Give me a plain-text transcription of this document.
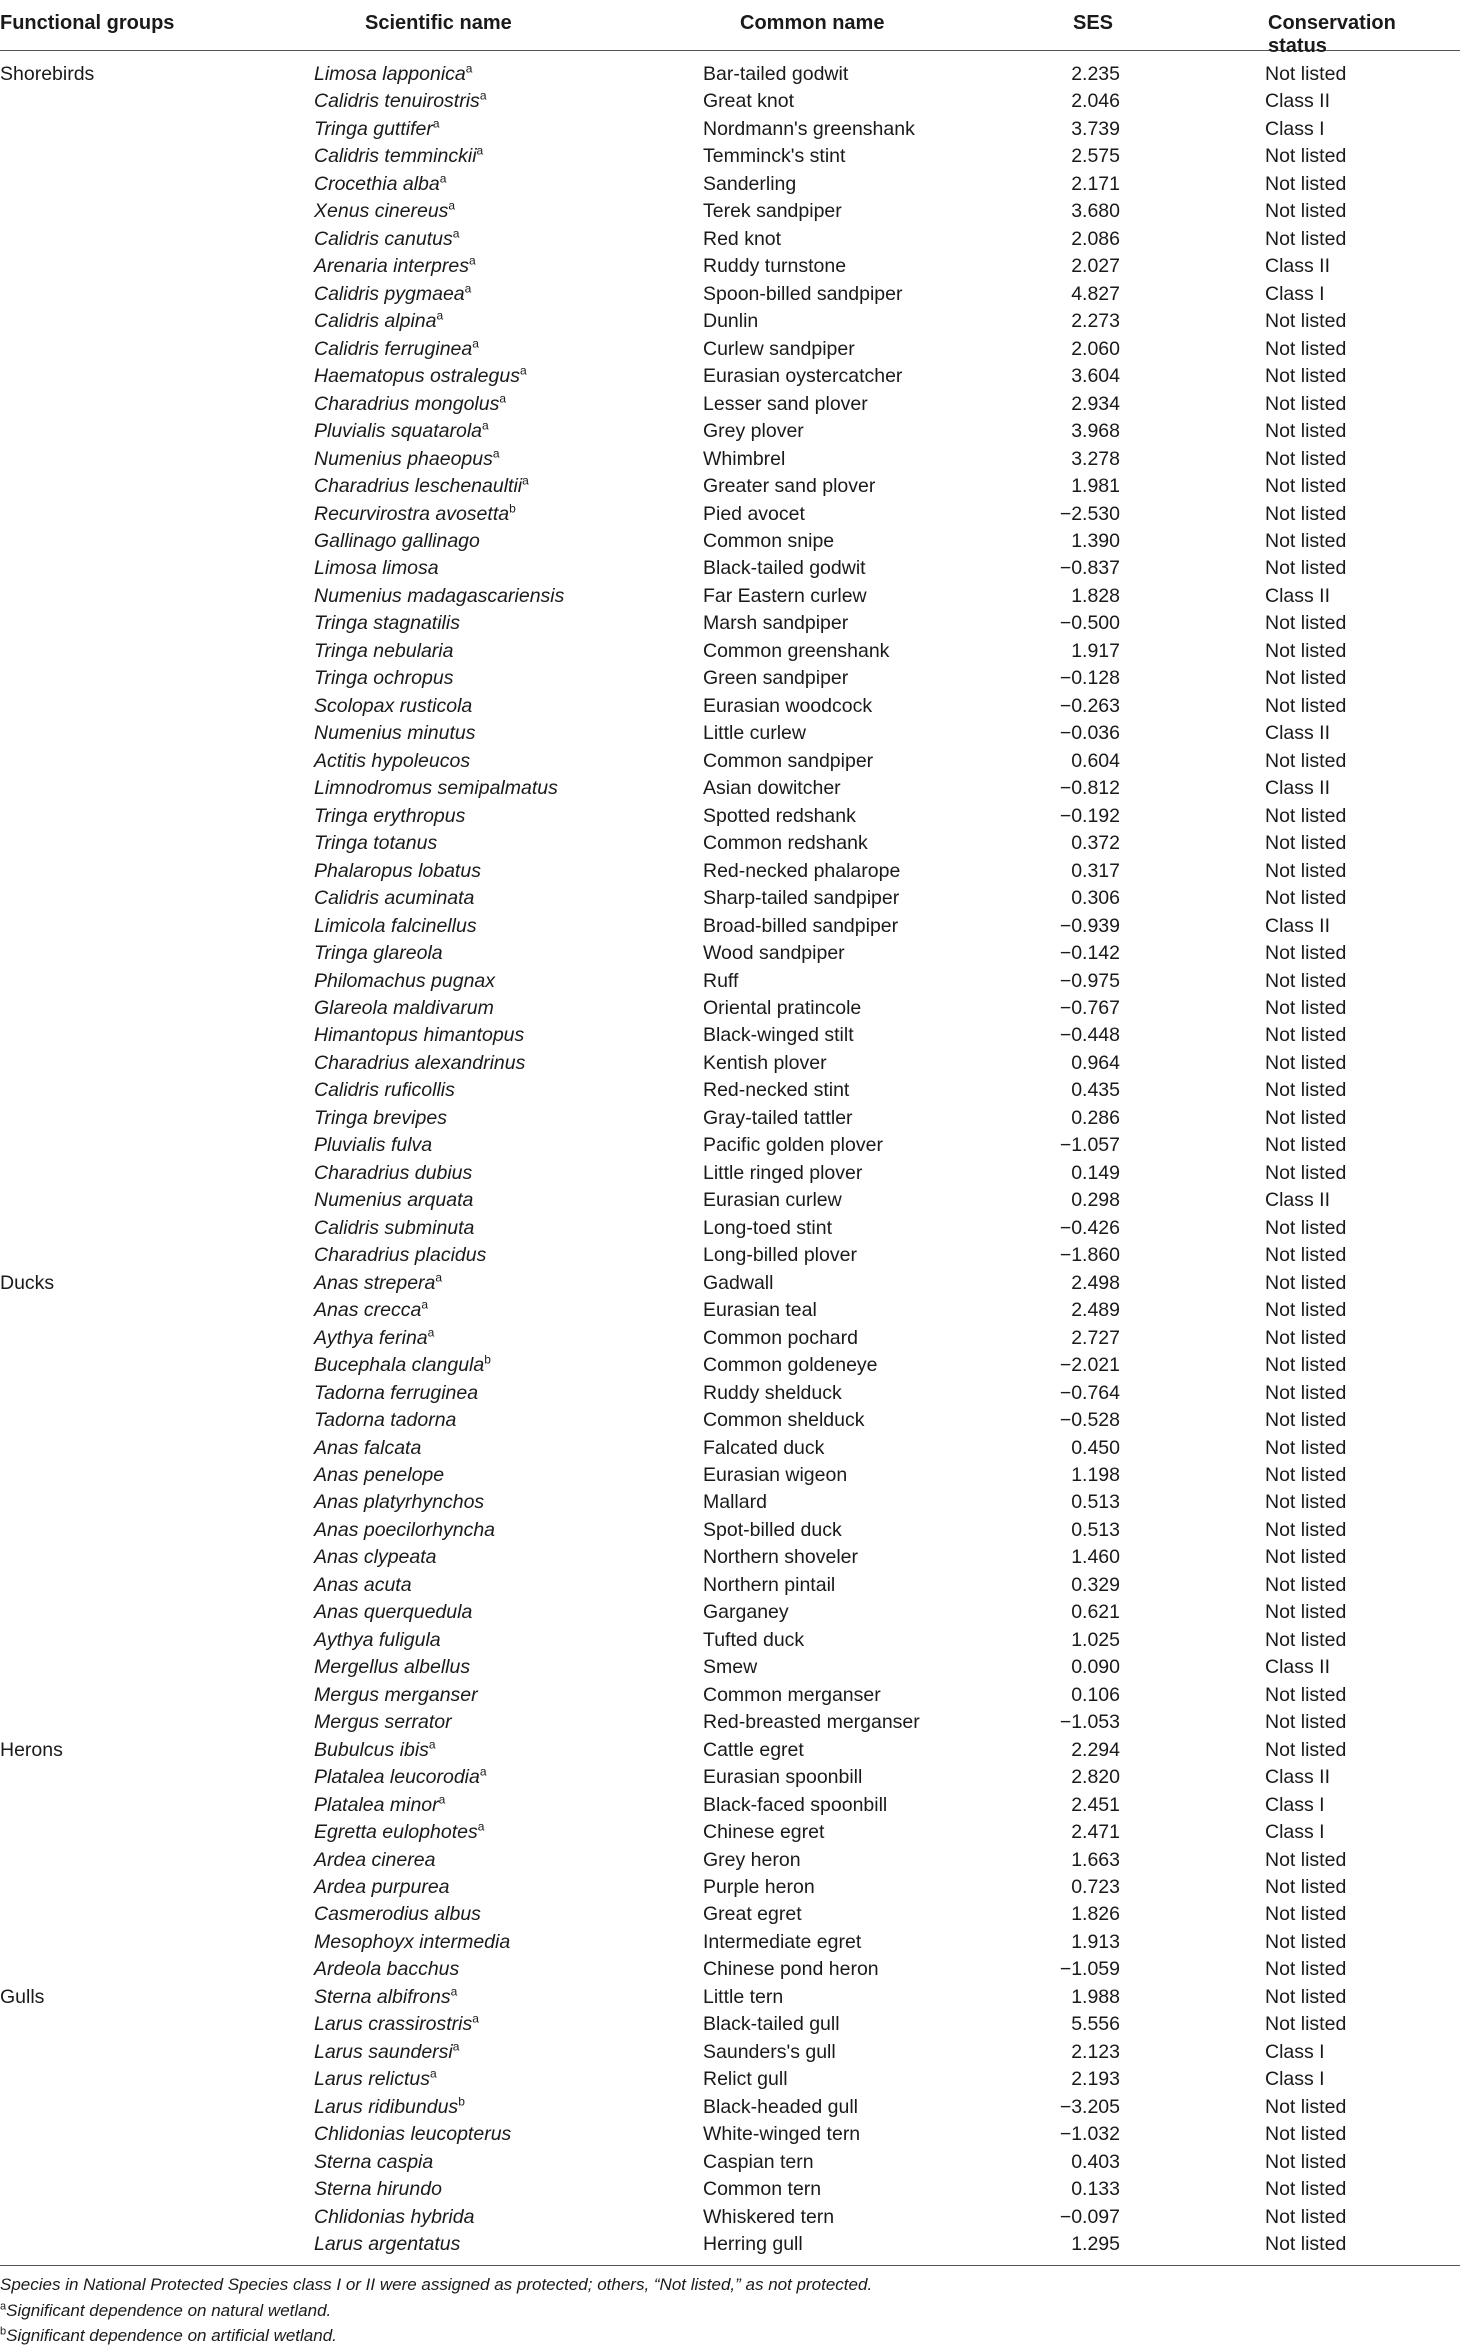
Functional groups	Scientific name	Common name	SES	Conservation status
Shorebirds	Limosa lapponica$^a$	Bar-tailed godwit	2.235	Not listed
Calidris tenuirostris$^a$	Great knot	2.046	Class II
Tringa guttifer$^a$	Nordmann's greenshank	3.739	Class I
Calidris temminckii$^a$	Temminck's stint	2.575	Not listed
Crocethia alba$^a$	Sanderling	2.171	Not listed
Xenus cinereus$^a$	Terek sandpiper	3.680	Not listed
Calidris canutus$^a$	Red knot	2.086	Not listed
Arenaria interpres$^a$	Ruddy turnstone	2.027	Class II
Calidris pygmaea$^a$	Spoon-billed sandpiper	4.827	Class I
Calidris alpina$^a$	Dunlin	2.273	Not listed
Calidris ferruginea$^a$	Curlew sandpiper	2.060	Not listed
Haematopus ostralegus$^a$	Eurasian oystercatcher	3.604	Not listed
Charadrius mongolus$^a$	Lesser sand plover	2.934	Not listed
Pluvialis squatarola$^a$	Grey plover	3.968	Not listed
Numenius phaeopus$^a$	Whimbrel	3.278	Not listed
Charadrius leschenaultii$^a$	Greater sand plover	1.981	Not listed
Recurvirostra avosetta$^b$	Pied avocet	−2.530	Not listed
Gallinago gallinago	Common snipe	1.390	Not listed
Limosa limosa	Black-tailed godwit	−0.837	Not listed
Numenius madagascariensis	Far Eastern curlew	1.828	Class II
Tringa stagnatilis	Marsh sandpiper	−0.500	Not listed
Tringa nebularia	Common greenshank	1.917	Not listed
Tringa ochropus	Green sandpiper	−0.128	Not listed
Scolopax rusticola	Eurasian woodcock	−0.263	Not listed
Numenius minutus	Little curlew	−0.036	Class II
Actitis hypoleucos	Common sandpiper	0.604	Not listed
Limnodromus semipalmatus	Asian dowitcher	−0.812	Class II
Tringa erythropus	Spotted redshank	−0.192	Not listed
Tringa totanus	Common redshank	0.372	Not listed
Phalaropus lobatus	Red-necked phalarope	0.317	Not listed
Calidris acuminata	Sharp-tailed sandpiper	0.306	Not listed
Limicola falcinellus	Broad-billed sandpiper	−0.939	Class II
Tringa glareola	Wood sandpiper	−0.142	Not listed
Philomachus pugnax	Ruff	−0.975	Not listed
Glareola maldivarum	Oriental pratincole	−0.767	Not listed
Himantopus himantopus	Black-winged stilt	−0.448	Not listed
Charadrius alexandrinus	Kentish plover	0.964	Not listed
Calidris ruficollis	Red-necked stint	0.435	Not listed
Tringa brevipes	Gray-tailed tattler	0.286	Not listed
Pluvialis fulva	Pacific golden plover	−1.057	Not listed
Charadrius dubius	Little ringed plover	0.149	Not listed
Numenius arquata	Eurasian curlew	0.298	Class II
Calidris subminuta	Long-toed stint	−0.426	Not listed
Charadrius placidus	Long-billed plover	−1.860	Not listed
Ducks	Anas strepera$^a$	Gadwall	2.498	Not listed
Anas crecca$^a$	Eurasian teal	2.489	Not listed
Aythya ferina$^a$	Common pochard	2.727	Not listed
Bucephala clangula$^b$	Common goldeneye	−2.021	Not listed
Tadorna ferruginea	Ruddy shelduck	−0.764	Not listed
Tadorna tadorna	Common shelduck	−0.528	Not listed
Anas falcata	Falcated duck	0.450	Not listed
Anas penelope	Eurasian wigeon	1.198	Not listed
Anas platyrhynchos	Mallard	0.513	Not listed
Anas poecilorhyncha	Spot-billed duck	0.513	Not listed
Anas clypeata	Northern shoveler	1.460	Not listed
Anas acuta	Northern pintail	0.329	Not listed
Anas querquedula	Garganey	0.621	Not listed
Aythya fuligula	Tufted duck	1.025	Not listed
Mergellus albellus	Smew	0.090	Class II
Mergus merganser	Common merganser	0.106	Not listed
Mergus serrator	Red-breasted merganser	−1.053	Not listed
Herons	Bubulcus ibis$^a$	Cattle egret	2.294	Not listed
Platalea leucorodia$^a$	Eurasian spoonbill	2.820	Class II
Platalea minor$^a$	Black-faced spoonbill	2.451	Class I
Egretta eulophotes$^a$	Chinese egret	2.471	Class I
Ardea cinerea	Grey heron	1.663	Not listed
Ardea purpurea	Purple heron	0.723	Not listed
Casmerodius albus	Great egret	1.826	Not listed
Mesophoyx intermedia	Intermediate egret	1.913	Not listed
Ardeola bacchus	Chinese pond heron	−1.059	Not listed
Gulls	Sterna albifrons$^a$	Little tern	1.988	Not listed
Larus crassirostris$^a$	Black-tailed gull	5.556	Not listed
Larus saundersi$^a$	Saunders's gull	2.123	Class I
Larus relictus$^a$	Relict gull	2.193	Class I
Larus ridibundus$^b$	Black-headed gull	−3.205	Not listed
Chlidonias leucopterus	White-winged tern	−1.032	Not listed
Sterna caspia	Caspian tern	0.403	Not listed
Sterna hirundo	Common tern	0.133	Not listed
Chlidonias hybrida	Whiskered tern	−0.097	Not listed
Larus argentatus	Herring gull	1.295	Not listed
Species in National Protected Species class I or II were assigned as protected; others, “Not listed,” as not protected.
$^a$Significant dependence on natural wetland.
$^b$Significant dependence on artificial wetland.
